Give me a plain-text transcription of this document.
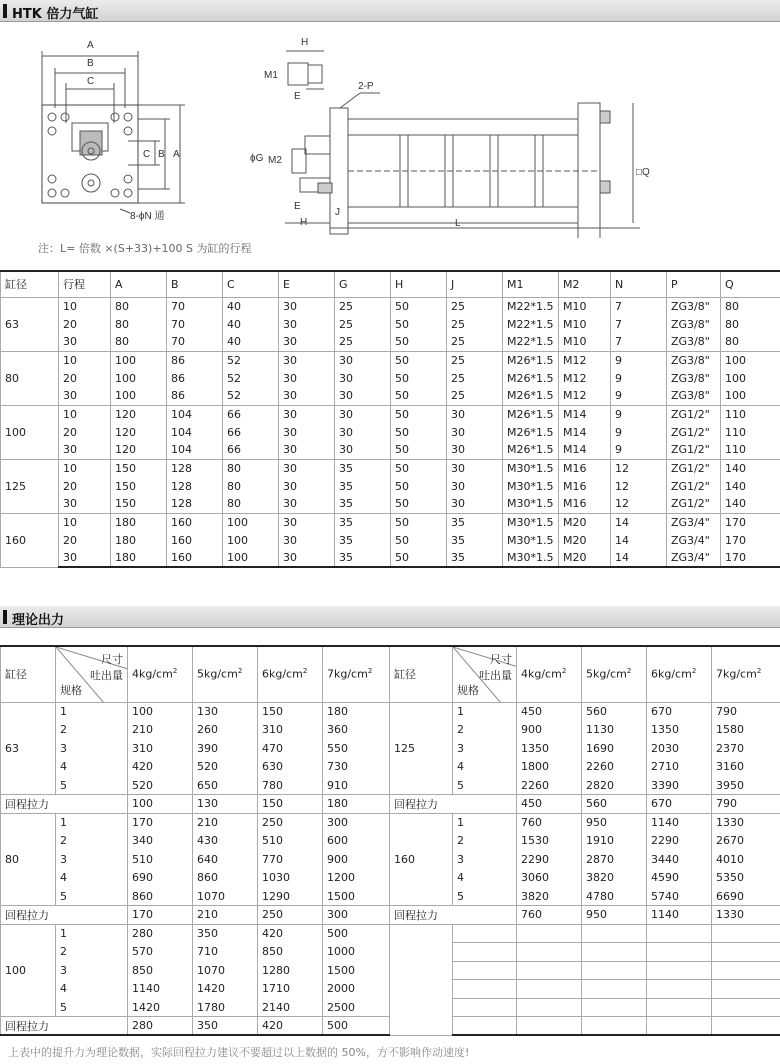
HTK 倍力气缸
A
B
C
C B A
8-ϕN 通
H
M1
E
2-P
ϕG M2
E
H
J
L
□Q
注：L= 倍数 ×(S+33)+100 S 为缸的行程
缸径	行程	A	B	C	E	G	H	J	M1	M2	N	P	Q
63	10	80	70	40	30	25	50	25	M22*1.5	M10	7	ZG3/8"	80
	20	80	70	40	30	25	50	25	M22*1.5	M10	7	ZG3/8"	80
	30	80	70	40	30	25	50	25	M22*1.5	M10	7	ZG3/8"	80
80	10	100	86	52	30	30	50	25	M26*1.5	M12	9	ZG3/8"	100
	20	100	86	52	30	30	50	25	M26*1.5	M12	9	ZG3/8"	100
	30	100	86	52	30	30	50	25	M26*1.5	M12	9	ZG3/8"	100
100	10	120	104	66	30	30	50	30	M26*1.5	M14	9	ZG1/2"	110
	20	120	104	66	30	30	50	30	M26*1.5	M14	9	ZG1/2"	110
	30	120	104	66	30	30	50	30	M26*1.5	M14	9	ZG1/2"	110
125	10	150	128	80	30	35	50	30	M30*1.5	M16	12	ZG1/2"	140
	20	150	128	80	30	35	50	30	M30*1.5	M16	12	ZG1/2"	140
	30	150	128	80	30	35	50	30	M30*1.5	M16	12	ZG1/2"	140
160	10	180	160	100	30	35	50	35	M30*1.5	M20	14	ZG3/4"	170
	20	180	160	100	30	35	50	35	M30*1.5	M20	14	ZG3/4"	170
	30	180	160	100	30	35	50	35	M30*1.5	M20	14	ZG3/4"	170
理论出力
缸径	尺寸
吐出量
规格	$4kg/cm^2$	$5kg/cm^2$	$6kg/cm^2$	$7kg/cm^2$	缸径	尺寸
吐出量
规格	$4kg/cm^2$	$5kg/cm^2$	$6kg/cm^2$	$7kg/cm^2$
63	1	100	130	150	180	125	1	450	560	670	790
	2	210	260	310	360		2	900	1130	1350	1580
	3	310	390	470	550		3	1350	1690	2030	2370
	4	420	520	630	730		4	1800	2260	2710	3160
	5	520	650	780	910		5	2260	2820	3390	3950
回程拉力		100	130	150	180	回程拉力		450	560	670	790
80	1	170	210	250	300	160	1	760	950	1140	1330
	2	340	430	510	600		2	1530	1910	2290	2670
	3	510	640	770	900		3	2290	2870	3440	4010
	4	690	860	1030	1200		4	3060	3820	4590	5350
	5	860	1070	1290	1500		5	3820	4780	5740	6690
回程拉力		170	210	250	300	回程拉力		760	950	1140	1330
100	1	280	350	420	500						
	2	570	710	850	1000						
	3	850	1070	1280	1500						
	4	1140	1420	1710	2000						
	5	1420	1780	2140	2500						
回程拉力		280	350	420	500						
上表中的提升力为理论数据，实际回程拉力建议不要超过以上数据的 50%，方不影响作动速度!
